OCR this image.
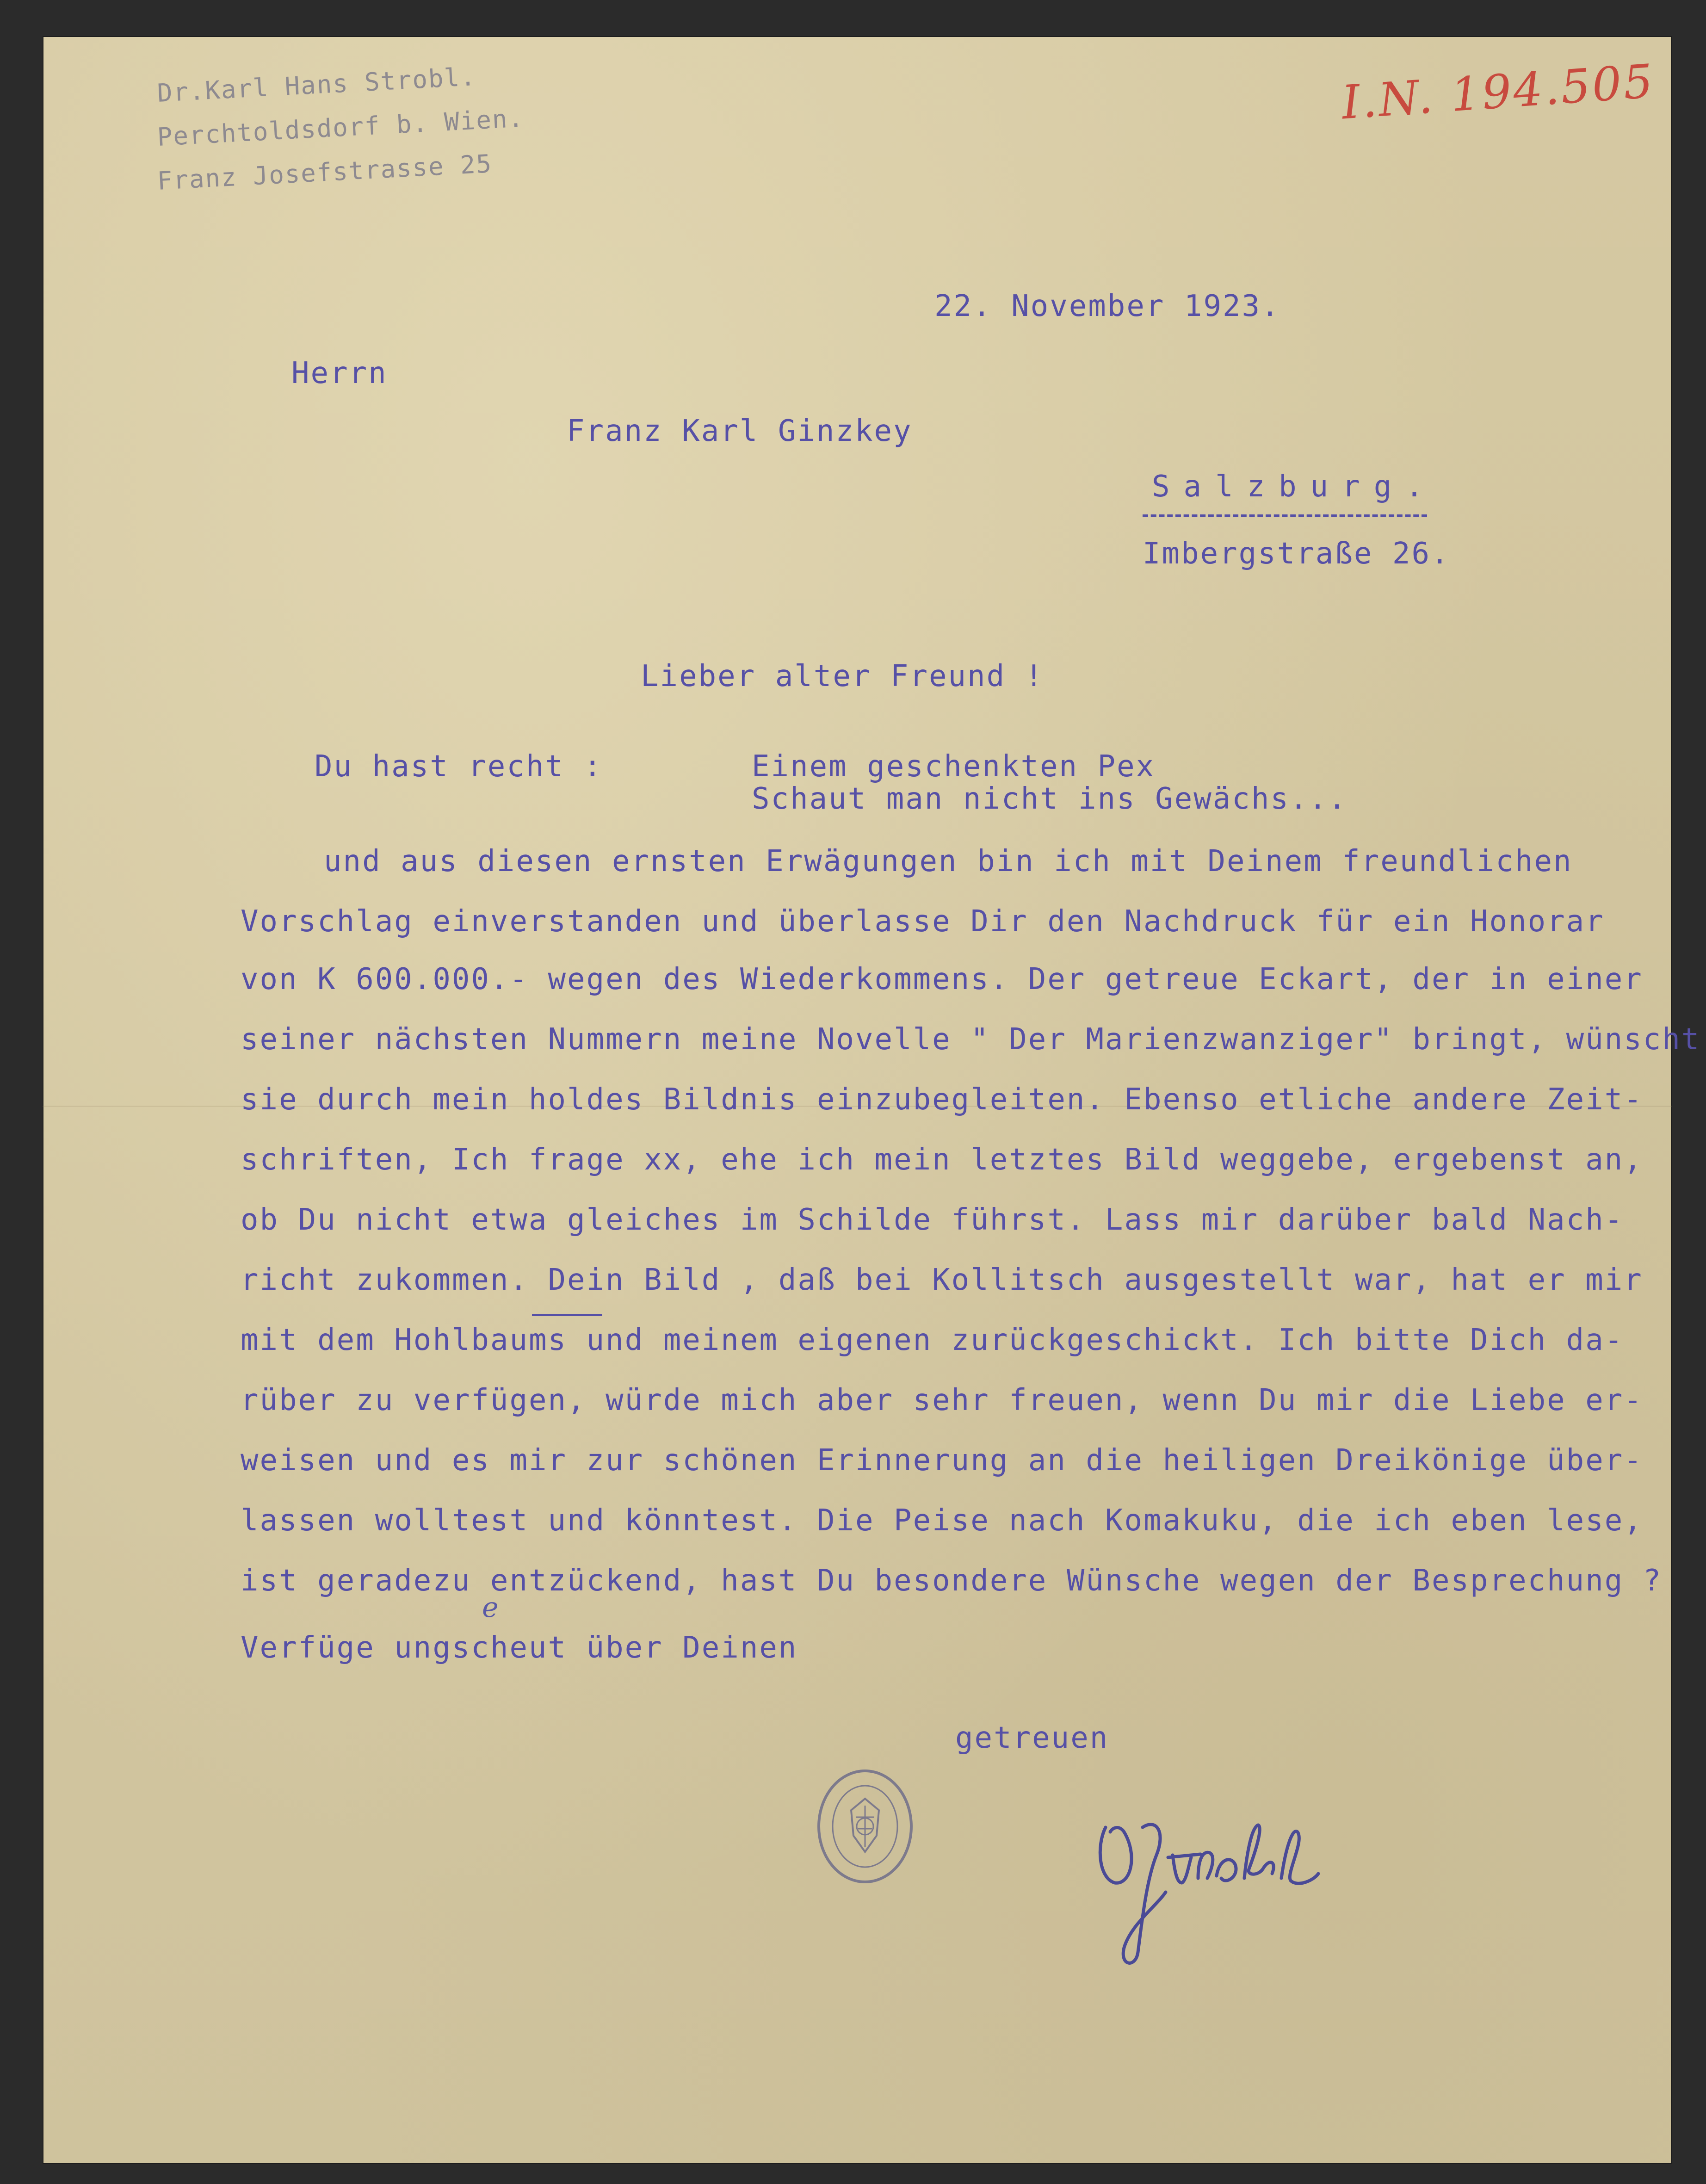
Dr.Karl Hans Strobl.
Perchtoldsdorf b. Wien.
Franz Josefstrasse 25
I.N. 194.505
22. November 1923.
Herrn
Franz Karl Ginzkey
Salzburg.
Imbergstraße 26.
Lieber alter Freund !
Du hast recht :	Einem geschenkten Pex
Schaut man nicht ins Gewächs...
und aus diesen ernsten Erwägungen bin ich mit Deinem freundlichen
Vorschlag einverstanden und überlasse Dir den Nachdruck für ein Honorar
von K 600.000.- wegen des Wiederkommens. Der getreue Eckart, der in einer
seiner nächsten Nummern meine Novelle " Der Marienzwanziger" bringt, wünscht
sie durch mein holdes Bildnis einzubegleiten. Ebenso etliche andere Zeit-
schriften, Ich frage xx, ehe ich mein letztes Bild weggebe, ergebenst an,
ob Du nicht etwa gleiches im Schilde führst. Lass mir darüber bald Nach-
richt zukommen. Dein Bild , daß bei Kollitsch ausgestellt war, hat er mir
mit dem Hohlbaums und meinem eigenen zurückgeschickt. Ich bitte Dich da-
rüber zu verfügen, würde mich aber sehr freuen, wenn Du mir die Liebe er-
weisen und es mir zur schönen Erinnerung an die heiligen Dreikönige über-
lassen wolltest und könntest. Die Peise nach Komakuku, die ich eben lese,
ist geradezu entzückend, hast Du besondere Wünsche wegen der Besprechung ?
e
Verfüge ungscheut über Deinen
getreuen
